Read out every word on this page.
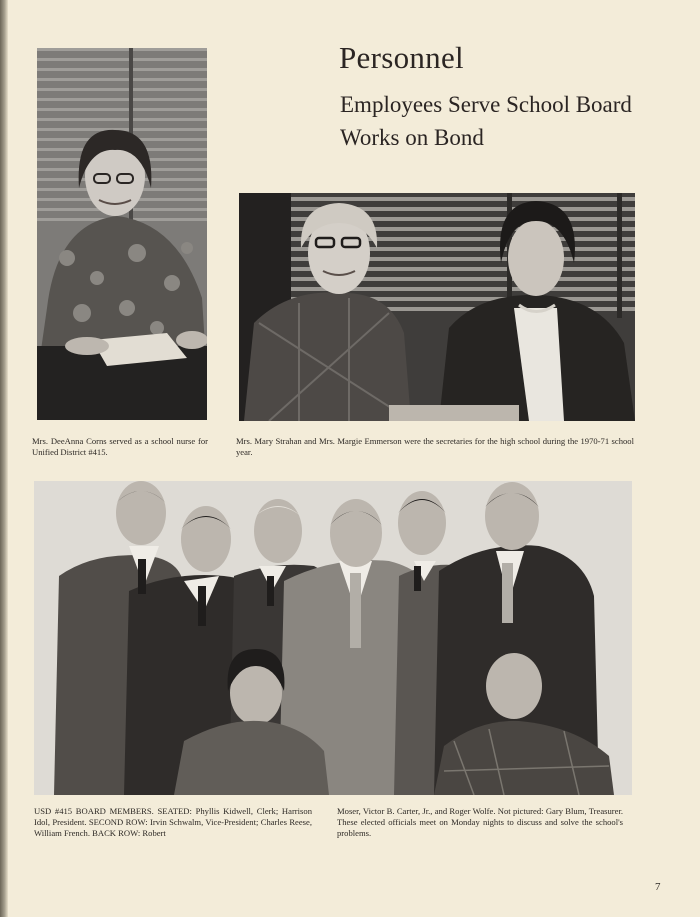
Personnel
Employees Serve School Board Works on Bond

Mrs. DeeAnna Corns served as a school nurse for Unified District #415.

Mrs. Mary Strahan and Mrs. Margie Emmerson were the secretaries for the high school during the 1970-71 school year.

USD #415 BOARD MEMBERS. SEATED: Phyllis Kidwell, Clerk; Harrison Idol, President. SECOND ROW: Irvin Schwalm, Vice-President; Charles Reese, William French. BACK ROW: Robert

Moser, Victor B. Carter, Jr., and Roger Wolfe. Not pictured: Gary Blum, Treasurer. These elected officials meet on Monday nights to discuss and solve the school's problems.

7
